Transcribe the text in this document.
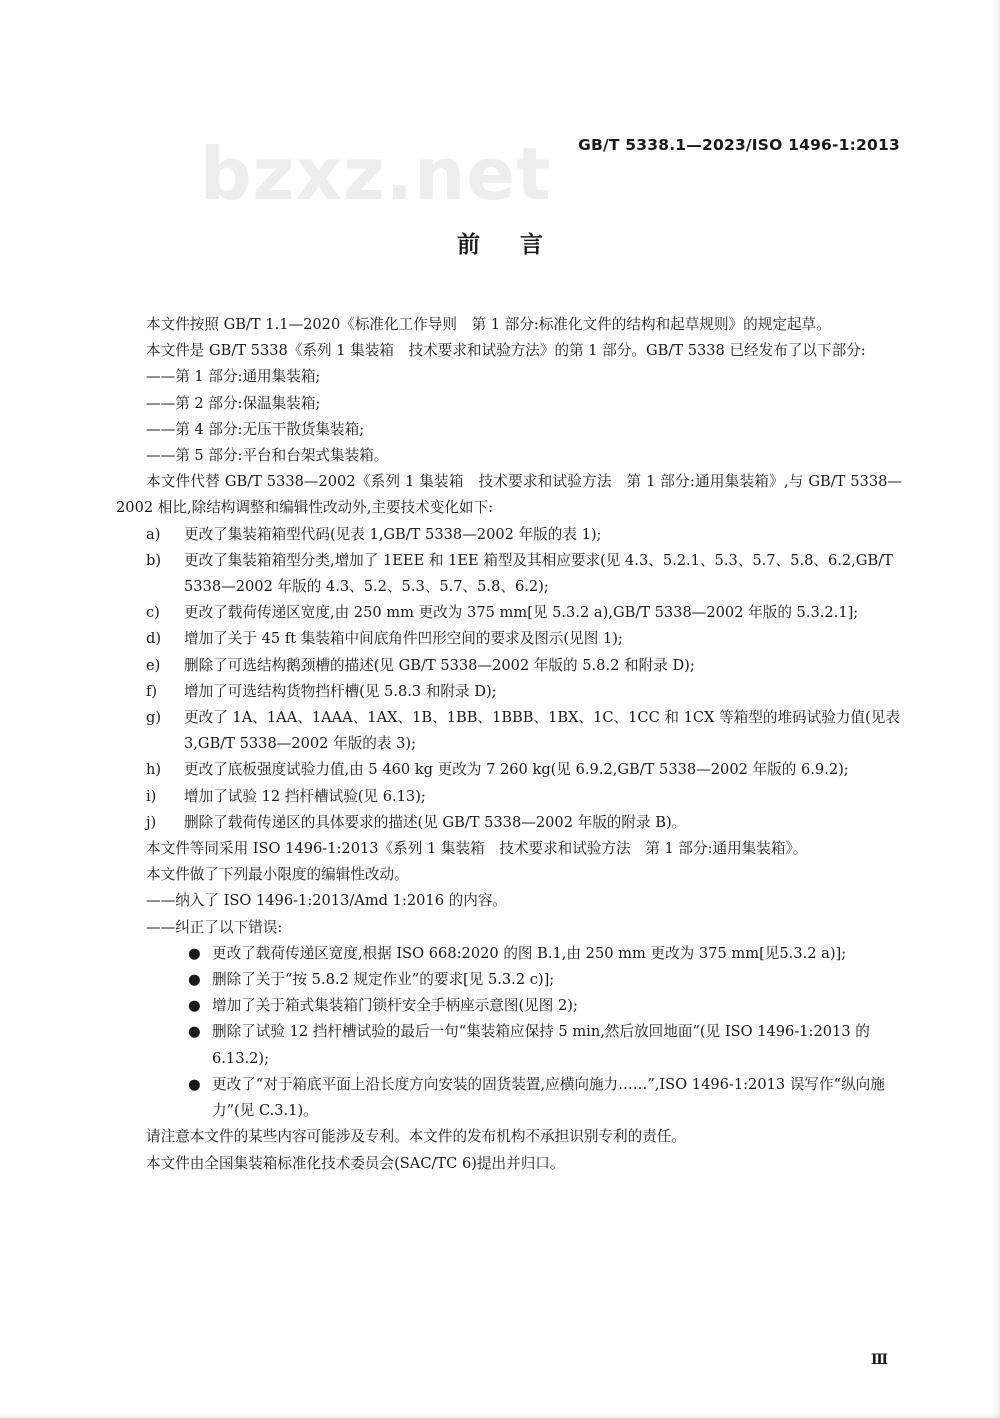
bzxz.net GB/T 5338.1—2023/ISO 1496-1:2013
前言

本文件按照 GB/T 1.1—2020《标准化工作导则　第 1 部分:标准化文件的结构和起草规则》的规定起草。

本文件是 GB/T 5338《系列 1 集装箱　技术要求和试验方法》的第 1 部分。GB/T 5338 已经发布了以下部分:

——第 1 部分:通用集装箱;

——第 2 部分:保温集装箱;

——第 4 部分:无压干散货集装箱;

——第 5 部分:平台和台架式集装箱。

本文件代替 GB/T 5338—2002《系列 1 集装箱　技术要求和试验方法　第 1 部分:通用集装箱》,与 GB/T 5338—2002 相比,除结构调整和编辑性改动外,主要技术变化如下:

a)	更改了集装箱箱型代码(见表 1,GB/T 5338—2002 年版的表 1);
b)	更改了集装箱箱型分类,增加了 1EEE 和 1EE 箱型及其相应要求(见 4.3、5.2.1、5.3、5.7、5.8、6.2,GB/T 5338—2002 年版的 4.3、5.2、5.3、5.7、5.8、6.2);
c)	更改了载荷传递区宽度,由 250 mm 更改为 375 mm[见 5.3.2 a),GB/T 5338—2002 年版的 5.3.2.1];
d)	增加了关于 45 ft 集装箱中间底角件凹形空间的要求及图示(见图 1);
e)	删除了可选结构鹅颈槽的描述(见 GB/T 5338—2002 年版的 5.8.2 和附录 D);
f)	增加了可选结构货物挡杆槽(见 5.8.3 和附录 D);
g)	更改了 1A、1AA、1AAA、1AX、1B、1BB、1BBB、1BX、1C、1CC 和 1CX 等箱型的堆码试验力值(见表 3,GB/T 5338—2002 年版的表 3);
h)	更改了底板强度试验力值,由 5 460 kg 更改为 7 260 kg(见 6.9.2,GB/T 5338—2002 年版的 6.9.2);
i)	增加了试验 12 挡杆槽试验(见 6.13);
j)	删除了载荷传递区的具体要求的描述(见 GB/T 5338—2002 年版的附录 B)。

本文件等同采用 ISO 1496-1:2013《系列 1 集装箱　技术要求和试验方法　第 1 部分:通用集装箱》。

本文件做了下列最小限度的编辑性改动。

——纳入了 ISO 1496-1:2013/Amd 1:2016 的内容。

——纠正了以下错误:

● 更改了载荷传递区宽度,根据 ISO 668:2020 的图 B.1,由 250 mm 更改为 375 mm[见5.3.2 a)];
● 删除了关于“按 5.8.2 规定作业”的要求[见 5.3.2 c)];
● 增加了关于箱式集装箱门锁杆安全手柄座示意图(见图 2);
● 删除了试验 12 挡杆槽试验的最后一句“集装箱应保持 5 min,然后放回地面”(见 ISO 1496-1:2013 的 6.13.2);
● 更改了“对于箱底平面上沿长度方向安装的固货装置,应横向施力……”,ISO 1496-1:2013 误写作“纵向施力”(见 C.3.1)。

请注意本文件的某些内容可能涉及专利。本文件的发布机构不承担识别专利的责任。

本文件由全国集装箱标准化技术委员会(SAC/TC 6)提出并归口。

Ⅲ
